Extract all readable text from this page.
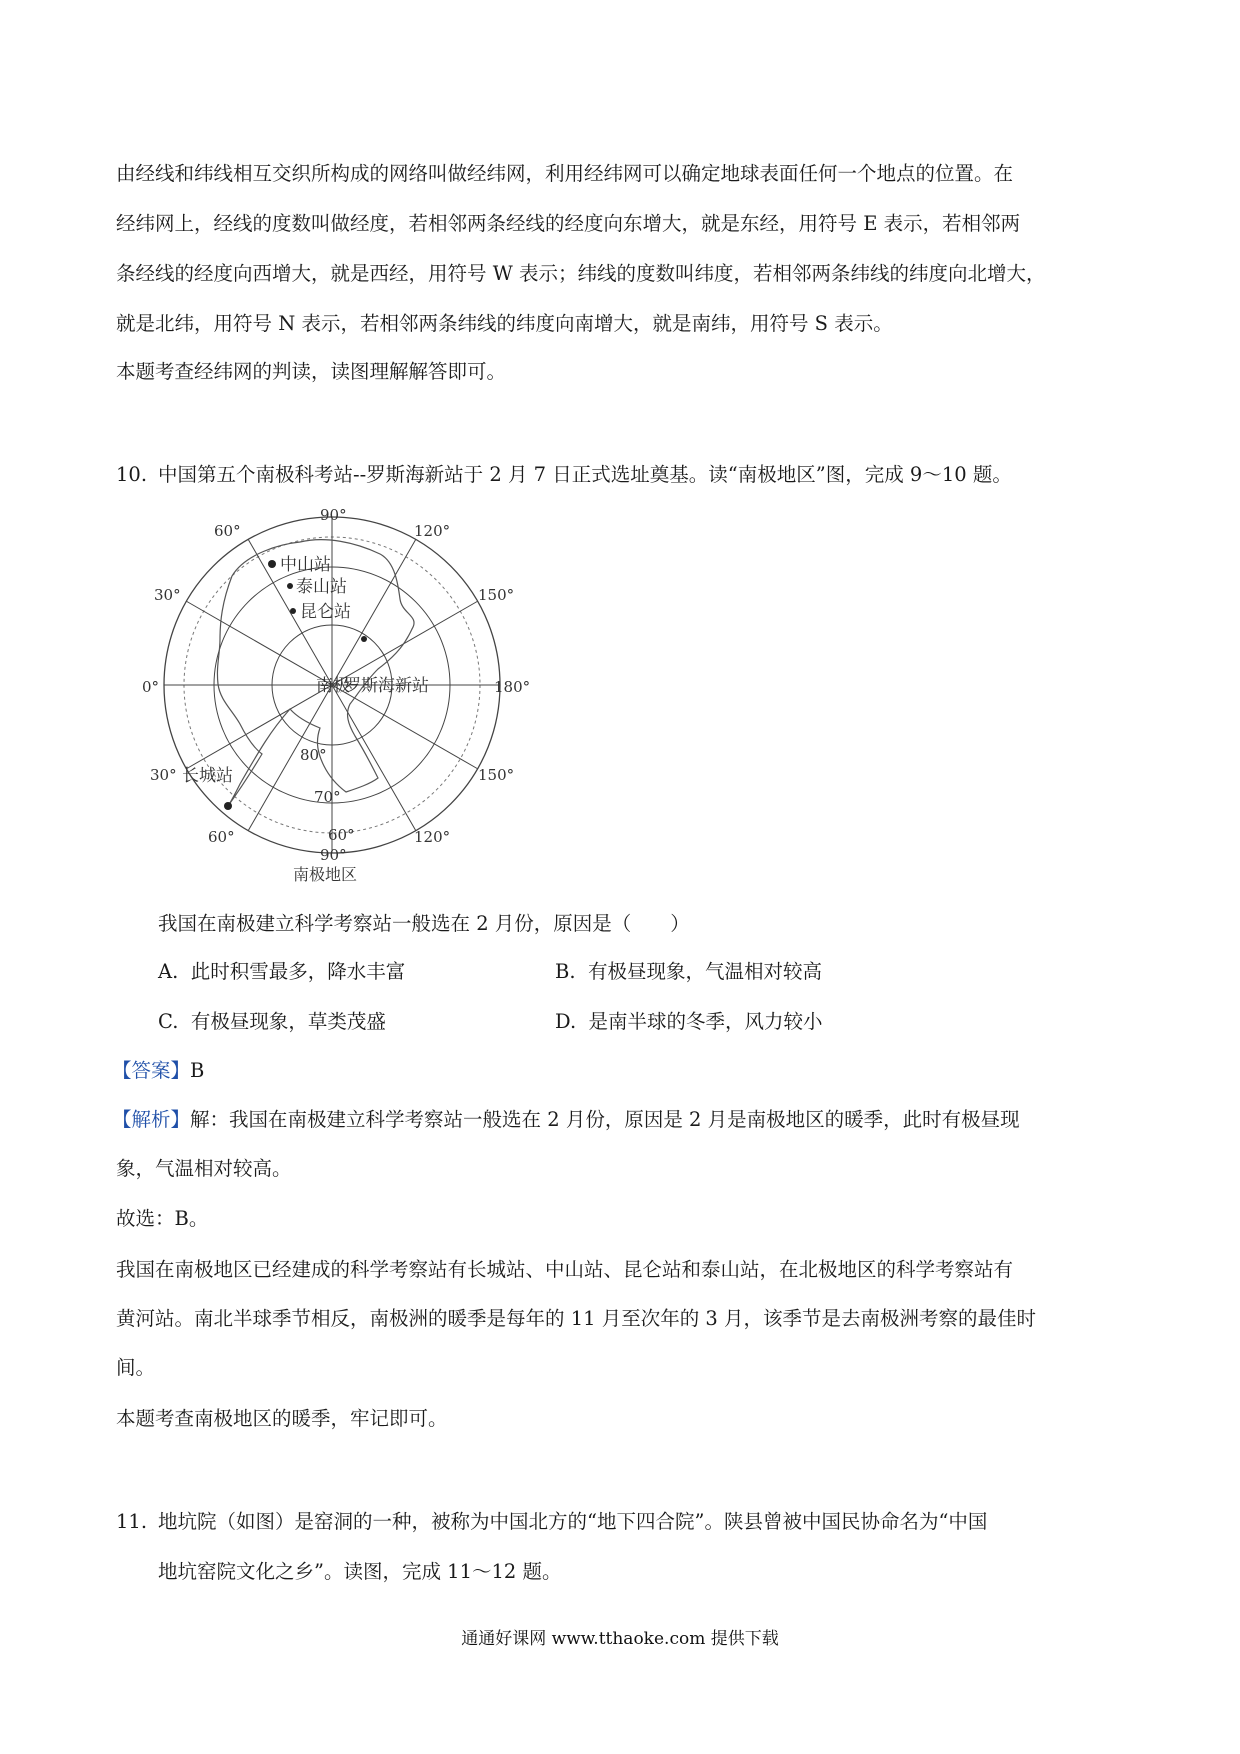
由经线和纬线相互交织所构成的网络叫做经纬网，利用经纬网可以确定地球表面任何一个地点的位置。在
经纬网上，经线的度数叫做经度，若相邻两条经线的经度向东增大，就是东经，用符号 E 表示，若相邻两
条经线的经度向西增大，就是西经，用符号 W 表示；纬线的度数叫纬度，若相邻两条纬线的纬度向北增大，
就是北纬，用符号 N 表示，若相邻两条纬线的纬度向南增大，就是南纬，用符号 S 表示。
本题考查经纬网的判读，读图理解解答即可。
10. 中国第五个南极科考站--罗斯海新站于 2 月 7 日正式选址奠基。读“南极地区”图，完成 9～10 题。
中山站
泰山站
昆仑站
罗斯海新站
长城站
南极
90°
120°
150°
180°
150°
120°
90°
60°
30°
0°
30°
60°
80°
70°
60°
南极地区
我国在南极建立科学考察站一般选在 2 月份，原因是（　　）
A. 此时积雪最多，降水丰富	B. 有极昼现象，气温相对较高
C. 有极昼现象，草类茂盛	D. 是南半球的冬季，风力较小
【答案】B
【解析】解：我国在南极建立科学考察站一般选在 2 月份，原因是 2 月是南极地区的暖季，此时有极昼现
象，气温相对较高。
故选：B。
我国在南极地区已经建成的科学考察站有长城站、中山站、昆仑站和泰山站，在北极地区的科学考察站有
黄河站。南北半球季节相反，南极洲的暖季是每年的 11 月至次年的 3 月，该季节是去南极洲考察的最佳时
间。
本题考查南极地区的暖季，牢记即可。
11. 地坑院（如图）是窑洞的一种，被称为中国北方的“地下四合院”。陕县曾被中国民协命名为“中国
地坑窑院文化之乡”。读图，完成 11～12 题。
通通好课网 www.tthaoke.com 提供下载
